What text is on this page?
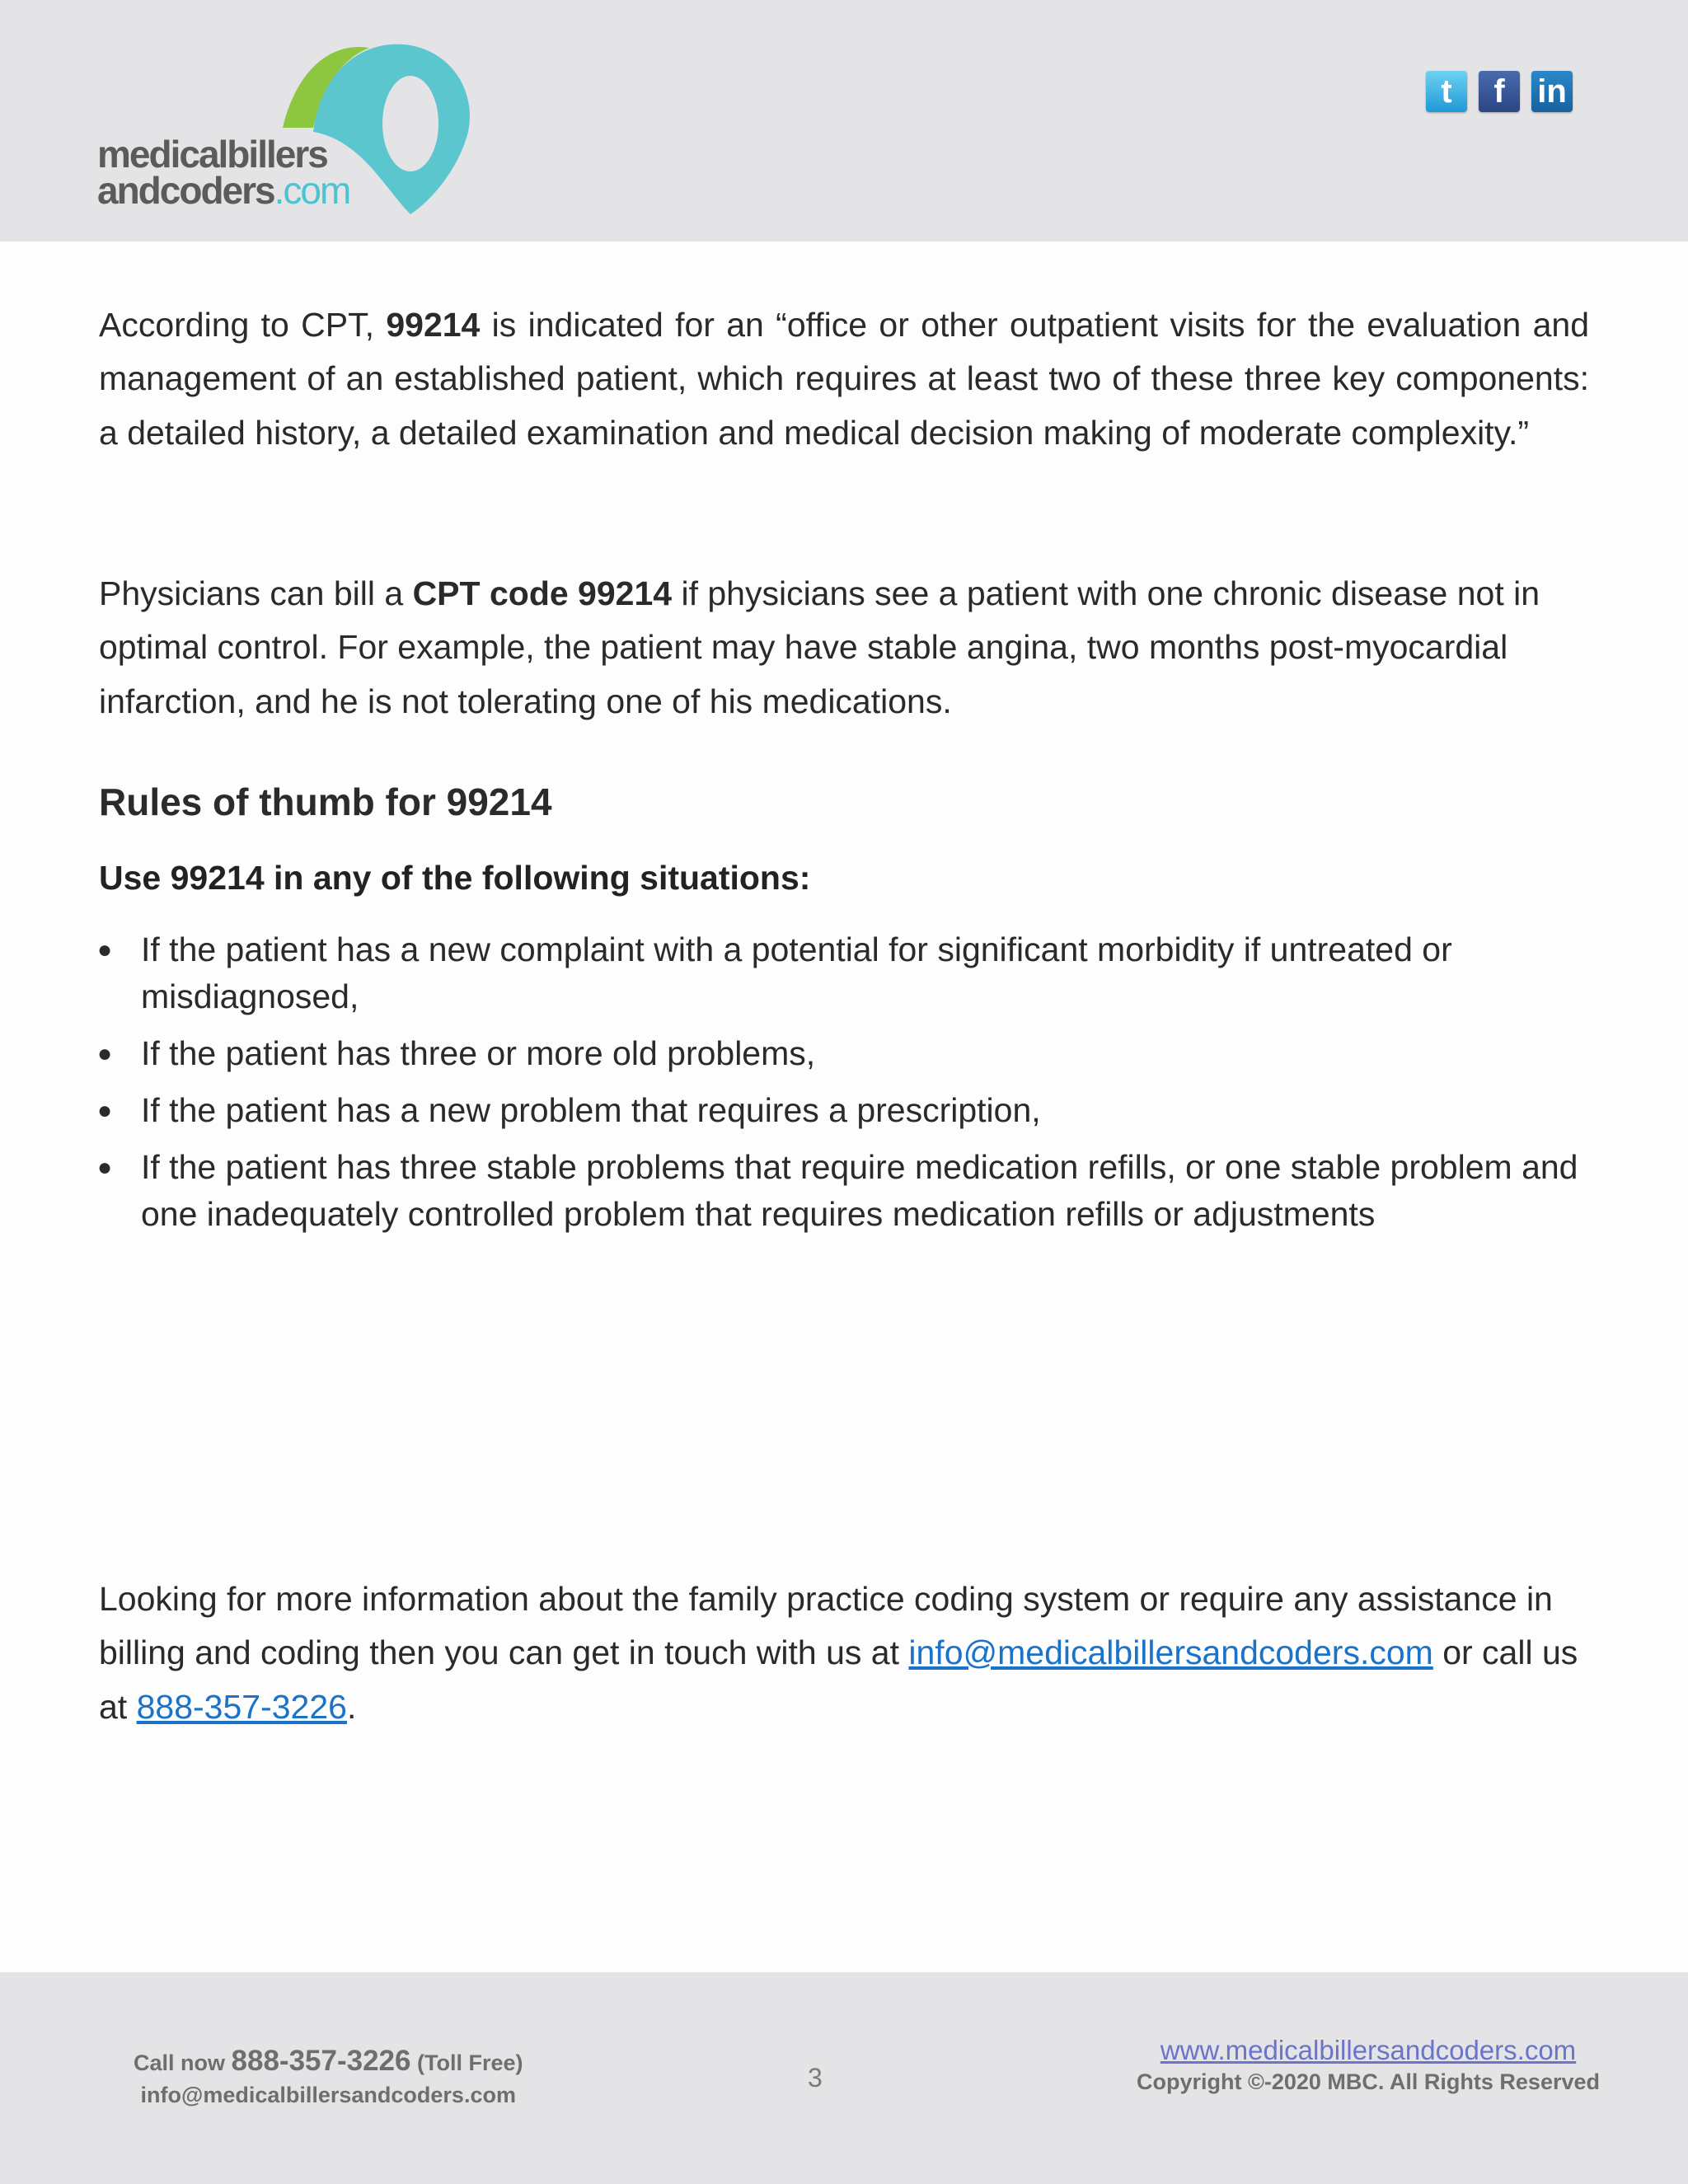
medicalbillers
andcoders.com
t	f in

According to CPT, 99214 is indicated for an “office or other outpatient visits for the evaluation and management of an established patient, which requires at least two of these three key components: a detailed history, a detailed examination and medical decision making of moderate complexity.”

Physicians can bill a CPT code 99214 if physicians see a patient with one chronic disease not in optimal control. For example, the patient may have stable angina, two months post-myocardial infarction, and he is not tolerating one of his medications.

Rules of thumb for 99214
Use 99214 in any of the following situations:
● If the patient has a new complaint with a potential for significant morbidity if untreated or misdiagnosed,
● If the patient has three or more old problems,
● If the patient has a new problem that requires a prescription,
● If the patient has three stable problems that require medication refills, or one stable problem and one inadequately controlled problem that requires medication refills or adjustments

Looking for more information about the family practice coding system or require any assistance in billing and coding then you can get in touch with us at info@medicalbillersandcoders.com or call us at 888-357-3226.

Call now 888-357-3226 (Toll Free)
info@medicalbillersandcoders.com
3
www.medicalbillersandcoders.com
Copyright ©-2020 MBC. All Rights Reserved
